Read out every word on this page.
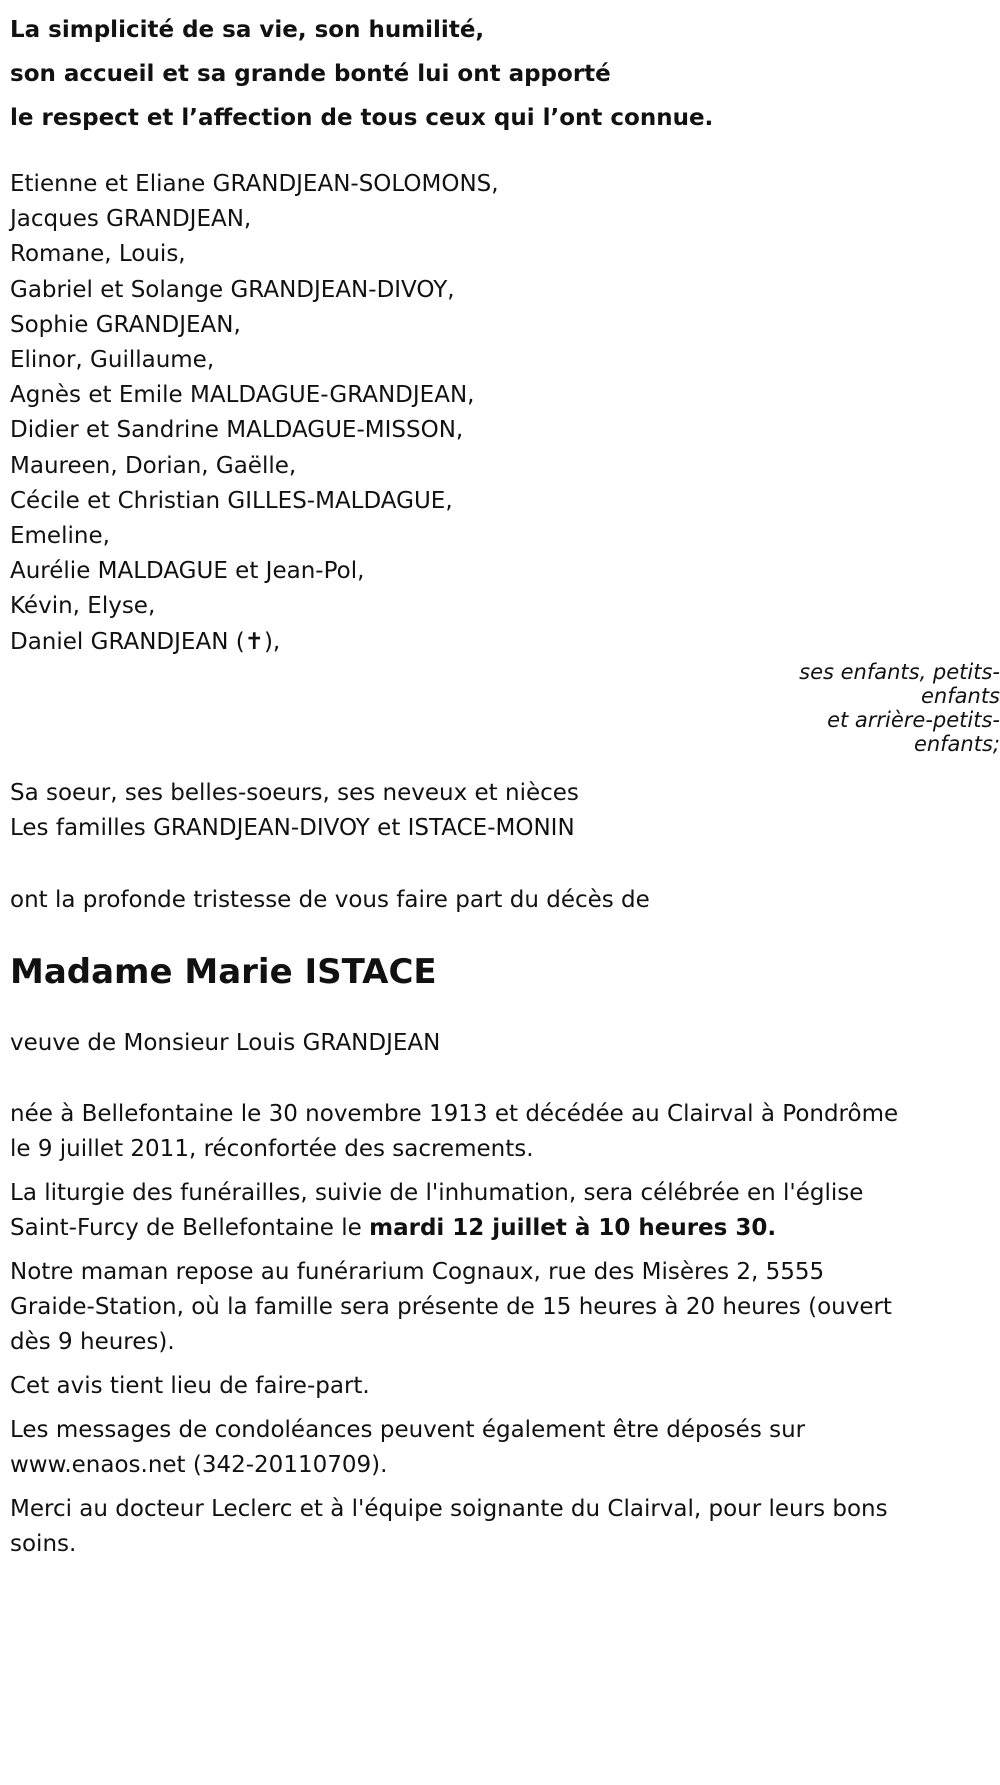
La simplicité de sa vie, son humilité,
son accueil et sa grande bonté lui ont apporté
le respect et l’affection de tous ceux qui l’ont connue.
Etienne et Eliane GRANDJEAN-SOLOMONS,
Jacques GRANDJEAN,
Romane, Louis,
Gabriel et Solange GRANDJEAN-DIVOY,
Sophie GRANDJEAN,
Elinor, Guillaume,
Agnès et Emile MALDAGUE-GRANDJEAN,
Didier et Sandrine MALDAGUE-MISSON,
Maureen, Dorian, Gaëlle,
Cécile et Christian GILLES-MALDAGUE,
Emeline,
Aurélie MALDAGUE et Jean-Pol,
Kévin, Elyse,
Daniel GRANDJEAN (✝),
ses enfants, petits-enfants
et arrière-petits-enfants;
Sa soeur, ses belles-soeurs, ses neveux et nièces
Les familles GRANDJEAN-DIVOY et ISTACE-MONIN
ont la profonde tristesse de vous faire part du décès de
Madame Marie ISTACE
veuve de Monsieur Louis GRANDJEAN

née à Bellefontaine le 30 novembre 1913 et décédée au Clairval à Pondrôme le 9 juillet 2011, réconfortée des sacrements.

La liturgie des funérailles, suivie de l'inhumation, sera célébrée en l'église Saint-Furcy de Bellefontaine le mardi 12 juillet à 10 heures 30.

Notre maman repose au funérarium Cognaux, rue des Misères 2, 5555 Graide-Station, où la famille sera présente de 15 heures à 20 heures (ouvert dès 9 heures).

Cet avis tient lieu de faire-part.

Les messages de condoléances peuvent également être déposés sur www.enaos.net (342-20110709).

Merci au docteur Leclerc et à l'équipe soignante du Clairval, pour leurs bons soins.
